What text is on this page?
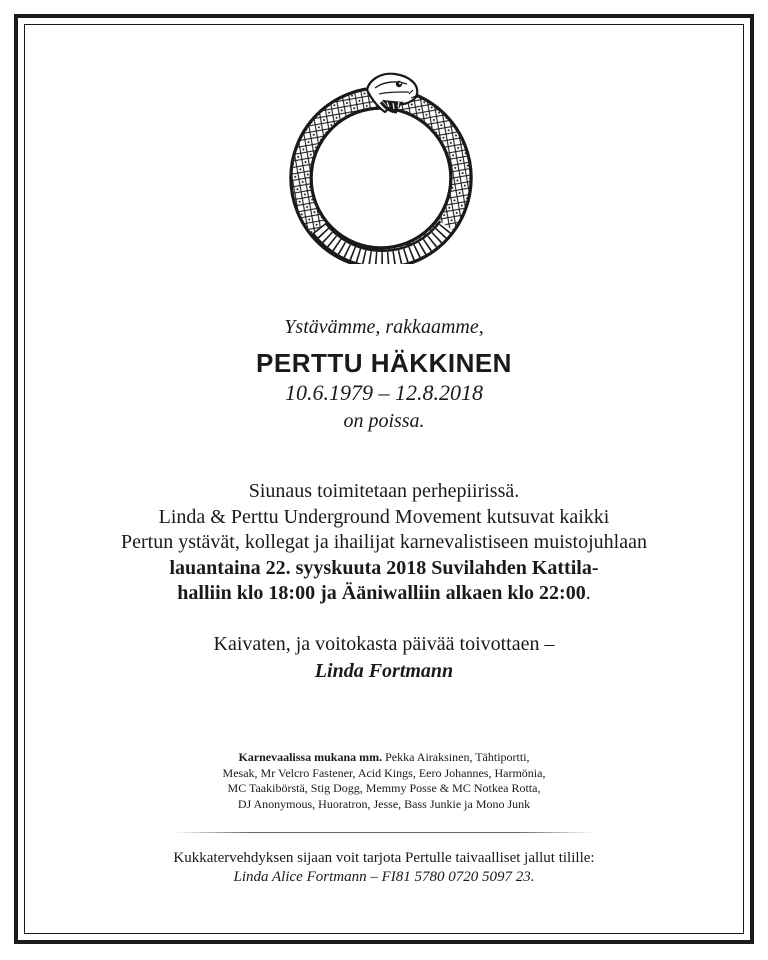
Ystävämme, rakkaamme,
PERTTU HÄKKINEN
10.6.1979 – 12.8.2018
on poissa.

Siunaus toimitetaan perhepiirissä.

Linda & Perttu Underground Movement kutsuvat kaikki

Pertun ystävät, kollegat ja ihailijat karnevalistiseen muistojuhlaan

lauantaina 22. syyskuuta 2018 Suvilahden Kattila-

halliin klo 18:00 ja Ääniwalliin alkaen klo 22:00.

Kaivaten, ja voitokasta päivää toivottaen –

Linda Fortmann

Karnevaalissa mukana mm. Pekka Airaksinen, Tähtiportti,

Mesak, Mr Velcro Fastener, Acid Kings, Eero Johannes, Harmönia,

MC Taakibörstä, Stig Dogg, Memmy Posse & MC Notkea Rotta,

DJ Anonymous, Huoratron, Jesse, Bass Junkie ja Mono Junk

Kukkatervehdyksen sijaan voit tarjota Pertulle taivaalliset jallut tilille:

Linda Alice Fortmann – FI81 5780 0720 5097 23.
